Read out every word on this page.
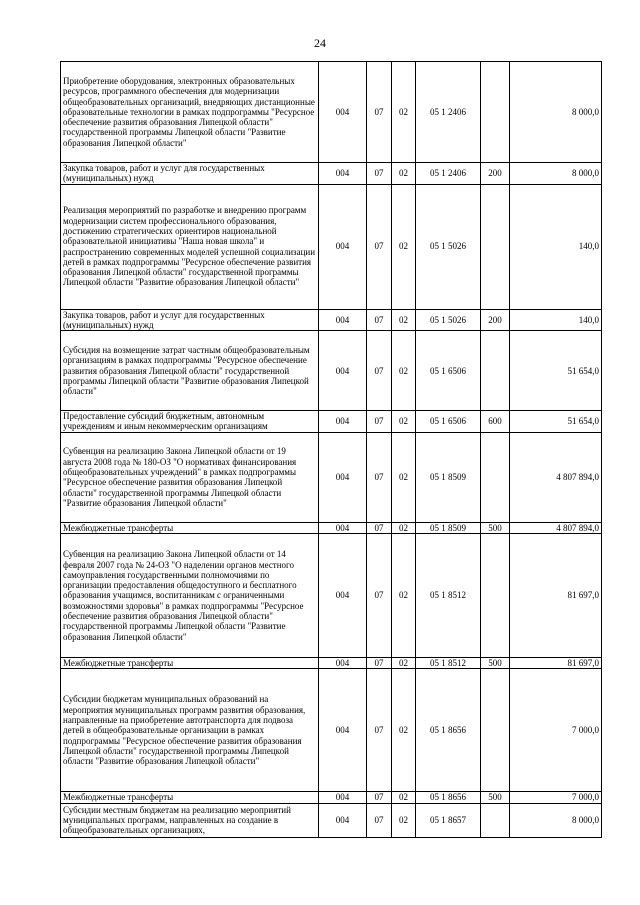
24
Приобретение оборудования, электронных образовательных ресурсов, программного обеспечения для модернизации общеобразовательных организаций, внедряющих дистанционные образовательные технологии в рамках подпрограммы "Ресурсное обеспечение развития образования Липецкой области" государственной программы Липецкой области "Развитие образования Липецкой области"	004	07	02	05 1 2406		8 000,0
Закупка товаров, работ и услуг для государственных (муниципальных) нужд	004	07	02	05 1 2406	200	8 000,0
Реализация мероприятий по разработке и внедрению программ модернизации систем профессионального образования, достижению стратегических ориентиров национальной образовательной инициативы "Наша новая школа" и распространению современных моделей успешной социализации детей в рамках подпрограммы "Ресурсное обеспечение развития образования Липецкой области" государственной программы Липецкой области "Развитие образования Липецкой области"	004	07	02	05 1 5026		140,0
Закупка товаров, работ и услуг для государственных (муниципальных) нужд	004	07	02	05 1 5026	200	140,0
Субсидия на возмещение затрат частным общеобразовательным организациям в рамках подпрограммы "Ресурсное обеспечение развития образования Липецкой области" государственной программы Липецкой области "Развитие образования Липецкой области"	004	07	02	05 1 6506		51 654,0
Предоставление субсидий бюджетным, автономным учреждениям и иным некоммерческим организациям	004	07	02	05 1 6506	600	51 654,0
Субвенция на реализацию Закона Липецкой области от 19 августа 2008 года № 180-ОЗ "О нормативах финансирования общеобразовательных учреждений" в рамках подпрограммы "Ресурсное обеспечение развития образования Липецкой области" государственной программы Липецкой области "Развитие образования Липецкой области"	004	07	02	05 1 8509		4 807 894,0
Межбюджетные трансферты	004	07	02	05 1 8509	500	4 807 894,0
Субвенция на реализацию Закона Липецкой области от 14 февраля 2007 года № 24-ОЗ "О наделении органов местного самоуправления государственными полномочиями по организации предоставления общедоступного и бесплатного образования учащимся, воспитанникам с ограниченными возможностями здоровья" в рамках подпрограммы "Ресурсное обеспечение развития образования Липецкой области" государственной программы Липецкой области "Развитие образования Липецкой области"	004	07	02	05 1 8512		81 697,0
Межбюджетные трансферты	004	07	02	05 1 8512	500	81 697,0
Субсидии бюджетам муниципальных образований на мероприятия муниципальных программ развития образования, направленные на приобретение автотранспорта для подвоза детей в общеобразовательные организации в рамках подпрограммы "Ресурсное обеспечение развития образования Липецкой области" государственной программы Липецкой области "Развитие образования Липецкой области"	004	07	02	05 1 8656		7 000,0
Межбюджетные трансферты	004	07	02	05 1 8656	500	7 000,0
Субсидии местным бюджетам на реализацию мероприятий муниципальных программ, направленных на создание в общеобразовательных организациях,	004	07	02	05 1 8657		8 000,0
